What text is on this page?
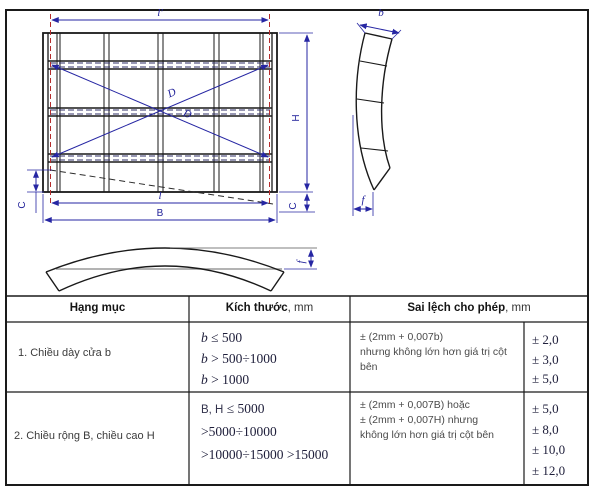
D
D
l'
H
C
C
l
B
b
f
f
Hạng mục	Kích thước, mm	Sai lệch cho phép, mm
1. Chiều dày cửa b
b ≤ 500
b > 500÷1000
b > 1000
± (2mm + 0,007b)
nhưng không lớn hơn giá trị cột
bên
± 2,0
± 3,0
± 5,0
2. Chiều rộng B, chiều cao H
B, H ≤ 5000
>5000÷10000
>10000÷15000 >15000
± (2mm + 0,007B) hoặc
± (2mm + 0,007H) nhưng
không lớn hơn giá trị cột bên
± 5,0
± 8,0
± 10,0
± 12,0
